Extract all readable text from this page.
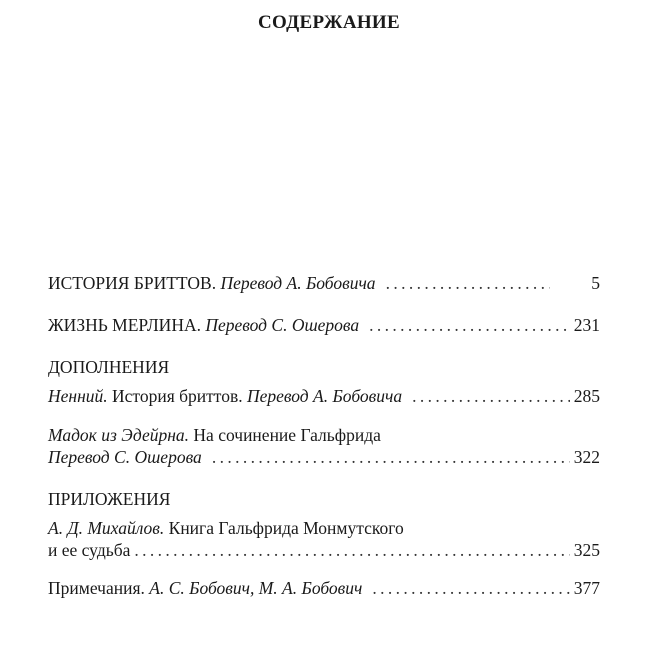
СОДЕРЖАНИЕ
ИСТОРИЯ БРИТТОВ. Перевод А. Бобовича . . .	5
ЖИЗНЬ МЕРЛИНА. Перевод С. Ошерова . . .	231
ДОПОЛНЕНИЯ
Ненний. История бриттов. Перевод А. Бобовича . . .	285
Мадок из Эдейрна. На сочинение Гальфрида
Перевод С. Ошерова . . .	322
ПРИЛОЖЕНИЯ
А. Д. Михайлов. Книга Гальфрида Монмутского
и ее судьба . . .	325
Примечания. А. С. Бобович, М. А. Бобович . . .	377
